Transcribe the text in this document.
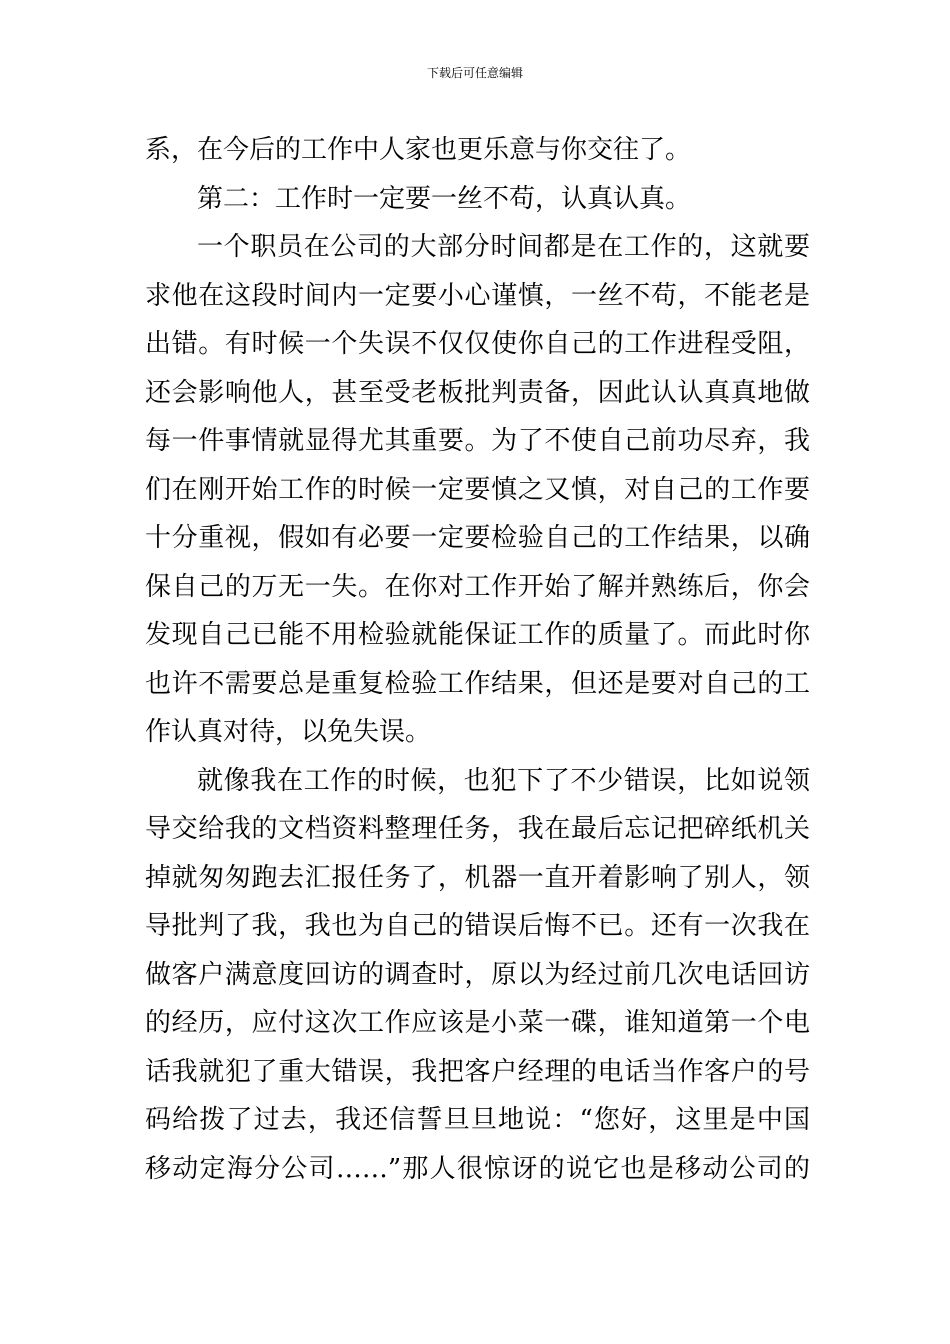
下载后可任意编辑
系，在今后的工作中人家也更乐意与你交往了。
第二：工作时一定要一丝不苟，认真认真。
一个职员在公司的大部分时间都是在工作的，这就要
求他在这段时间内一定要小心谨慎，一丝不苟，不能老是
出错。有时候一个失误不仅仅使你自己的工作进程受阻，
还会影响他人，甚至受老板批判责备，因此认认真真地做
每一件事情就显得尤其重要。为了不使自己前功尽弃，我
们在刚开始工作的时候一定要慎之又慎，对自己的工作要
十分重视，假如有必要一定要检验自己的工作结果，以确
保自己的万无一失。在你对工作开始了解并熟练后，你会
发现自己已能不用检验就能保证工作的质量了。而此时你
也许不需要总是重复检验工作结果，但还是要对自己的工
作认真对待，以免失误。
就像我在工作的时候，也犯下了不少错误，比如说领
导交给我的文档资料整理任务，我在最后忘记把碎纸机关
掉就匆匆跑去汇报任务了，机器一直开着影响了别人，领
导批判了我，我也为自己的错误后悔不已。还有一次我在
做客户满意度回访的调查时，原以为经过前几次电话回访
的经历，应付这次工作应该是小菜一碟，谁知道第一个电
话我就犯了重大错误，我把客户经理的电话当作客户的号
码给拨了过去，我还信誓旦旦地说：“您好，这里是中国
移动定海分公司……”那人很惊讶的说它也是移动公司的
